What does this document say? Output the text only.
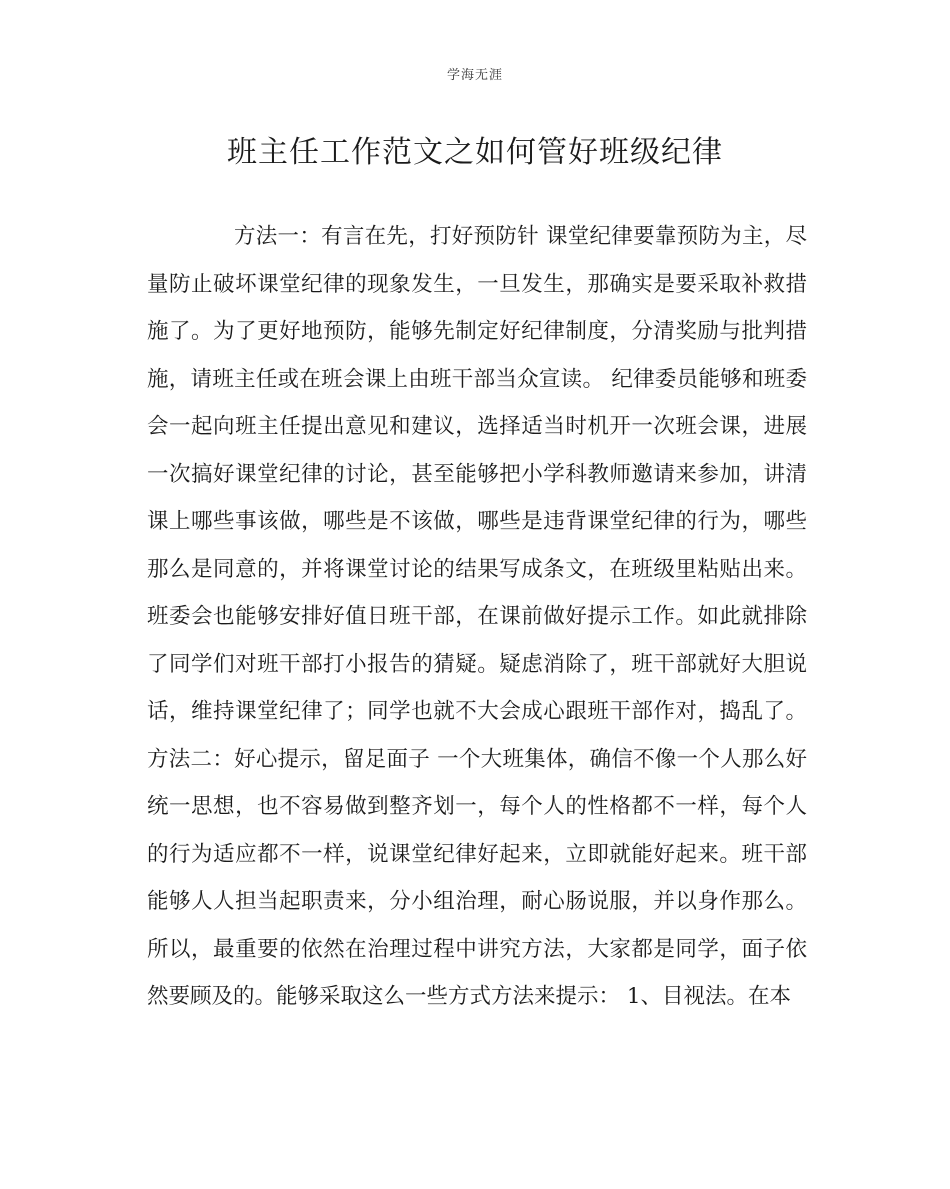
学海无涯
班主任工作范文之如何管好班级纪律
方法一：有言在先，打好预防针 课堂纪律要靠预防为主，尽
量防止破坏课堂纪律的现象发生，一旦发生，那确实是要采取补救措
施了。为了更好地预防，能够先制定好纪律制度，分清奖励与批判措
施，请班主任或在班会课上由班干部当众宣读。 纪律委员能够和班委
会一起向班主任提出意见和建议，选择适当时机开一次班会课，进展
一次搞好课堂纪律的讨论，甚至能够把小学科教师邀请来参加，讲清
课上哪些事该做，哪些是不该做，哪些是违背课堂纪律的行为，哪些
那么是同意的，并将课堂讨论的结果写成条文，在班级里粘贴出来。
班委会也能够安排好值日班干部，在课前做好提示工作。如此就排除
了同学们对班干部打小报告的猜疑。疑虑消除了，班干部就好大胆说
话，维持课堂纪律了；同学也就不大会成心跟班干部作对，捣乱了。
方法二：好心提示，留足面子 一个大班集体，确信不像一个人那么好
统一思想，也不容易做到整齐划一，每个人的性格都不一样，每个人
的行为适应都不一样，说课堂纪律好起来，立即就能好起来。班干部
能够人人担当起职责来，分小组治理，耐心肠说服，并以身作那么。
所以，最重要的依然在治理过程中讲究方法，大家都是同学，面子依
然要顾及的。能够采取这么一些方式方法来提示： 1、目视法。在本
